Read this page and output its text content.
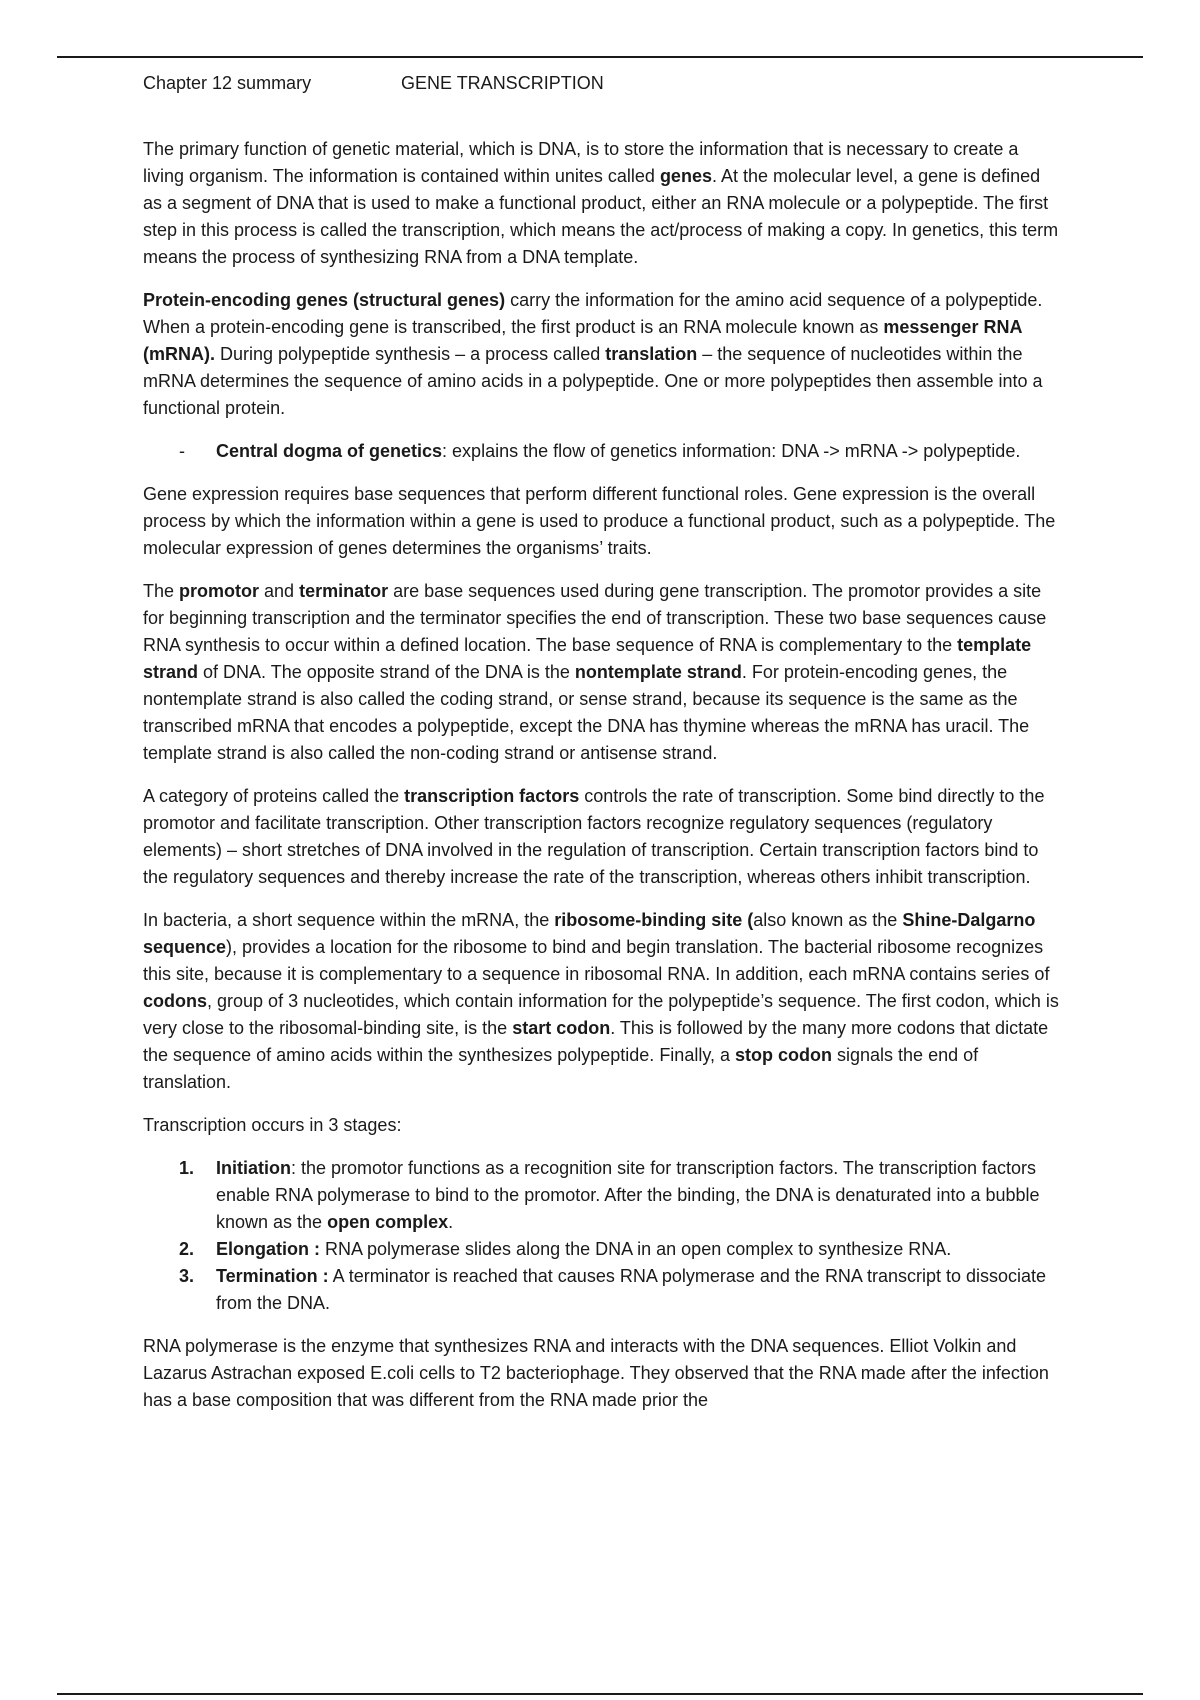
Chapter 12 summary	GENE TRANSCRIPTION

The primary function of genetic material, which is DNA, is to store the information that is necessary to create a living organism. The information is contained within unites called genes. At the molecular level, a gene is defined as a segment of DNA that is used to make a functional product, either an RNA molecule or a polypeptide. The first step in this process is called the transcription, which means the act/process of making a copy. In genetics, this term means the process of synthesizing RNA from a DNA template.

Protein-encoding genes (structural genes) carry the information for the amino acid sequence of a polypeptide. When a protein-encoding gene is transcribed, the first product is an RNA molecule known as messenger RNA (mRNA). During polypeptide synthesis – a process called translation – the sequence of nucleotides within the mRNA determines the sequence of amino acids in a polypeptide. One or more polypeptides then assemble into a functional protein.

- Central dogma of genetics: explains the flow of genetics information: DNA -> mRNA -> polypeptide.

Gene expression requires base sequences that perform different functional roles. Gene expression is the overall process by which the information within a gene is used to produce a functional product, such as a polypeptide. The molecular expression of genes determines the organisms’ traits.

The promotor and terminator are base sequences used during gene transcription. The promotor provides a site for beginning transcription and the terminator specifies the end of transcription. These two base sequences cause RNA synthesis to occur within a defined location. The base sequence of RNA is complementary to the template strand of DNA. The opposite strand of the DNA is the nontemplate strand. For protein-encoding genes, the nontemplate strand is also called the coding strand, or sense strand, because its sequence is the same as the transcribed mRNA that encodes a polypeptide, except the DNA has thymine whereas the mRNA has uracil. The template strand is also called the non-coding strand or antisense strand.

A category of proteins called the transcription factors controls the rate of transcription. Some bind directly to the promotor and facilitate transcription. Other transcription factors recognize regulatory sequences (regulatory elements) – short stretches of DNA involved in the regulation of transcription. Certain transcription factors bind to the regulatory sequences and thereby increase the rate of the transcription, whereas others inhibit transcription.

In bacteria, a short sequence within the mRNA, the ribosome-binding site (also known as the Shine-Dalgarno sequence), provides a location for the ribosome to bind and begin translation. The bacterial ribosome recognizes this site, because it is complementary to a sequence in ribosomal RNA. In addition, each mRNA contains series of codons, group of 3 nucleotides, which contain information for the polypeptide’s sequence. The first codon, which is very close to the ribosomal-binding site, is the start codon. This is followed by the many more codons that dictate the sequence of amino acids within the synthesizes polypeptide. Finally, a stop codon signals the end of translation.

Transcription occurs in 3 stages:

1. Initiation: the promotor functions as a recognition site for transcription factors. The transcription factors enable RNA polymerase to bind to the promotor. After the binding, the DNA is denaturated into a bubble known as the open complex.
2. Elongation : RNA polymerase slides along the DNA in an open complex to synthesize RNA.
3. Termination : A terminator is reached that causes RNA polymerase and the RNA transcript to dissociate from the DNA.

RNA polymerase is the enzyme that synthesizes RNA and interacts with the DNA sequences. Elliot Volkin and Lazarus Astrachan exposed E.coli cells to T2 bacteriophage. They observed that the RNA made after the infection has a base composition that was different from the RNA made prior the
